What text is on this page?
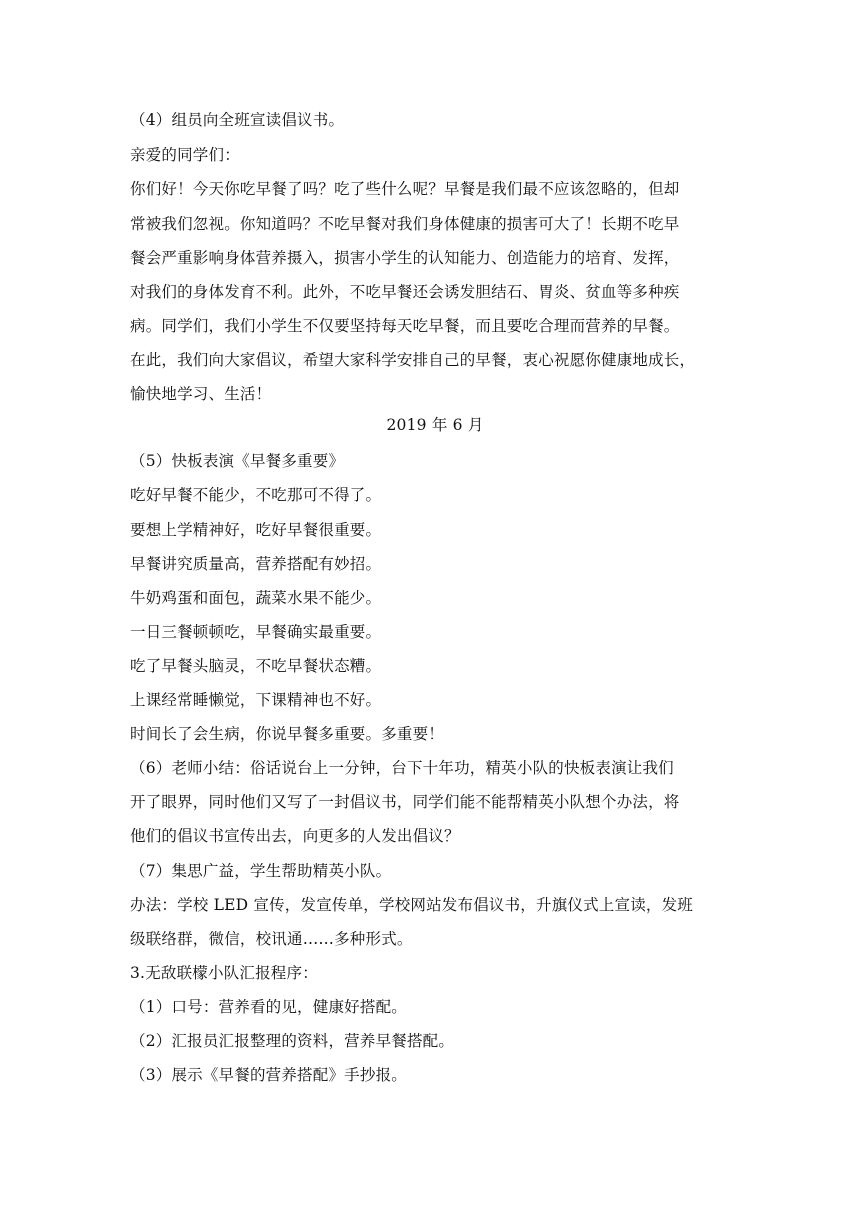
（4）组员向全班宣读倡议书。
亲爱的同学们：
你们好！今天你吃早餐了吗？吃了些什么呢？早餐是我们最不应该忽略的，但却
常被我们忽视。你知道吗？不吃早餐对我们身体健康的损害可大了！长期不吃早
餐会严重影响身体营养摄入，损害小学生的认知能力、创造能力的培育、发挥，
对我们的身体发育不利。此外，不吃早餐还会诱发胆结石、胃炎、贫血等多种疾
病。同学们，我们小学生不仅要坚持每天吃早餐，而且要吃合理而营养的早餐。
在此，我们向大家倡议，希望大家科学安排自己的早餐，衷心祝愿你健康地成长，
愉快地学习、生活！
2019 年 6 月
（5）快板表演《早餐多重要》
吃好早餐不能少，不吃那可不得了。
要想上学精神好，吃好早餐很重要。
早餐讲究质量高，营养搭配有妙招。
牛奶鸡蛋和面包，蔬菜水果不能少。
一日三餐顿顿吃，早餐确实最重要。
吃了早餐头脑灵，不吃早餐状态糟。
上课经常睡懒觉，下课精神也不好。
时间长了会生病，你说早餐多重要。多重要！
（6）老师小结：俗话说台上一分钟，台下十年功，精英小队的快板表演让我们
开了眼界，同时他们又写了一封倡议书，同学们能不能帮精英小队想个办法，将
他们的倡议书宣传出去，向更多的人发出倡议？
（7）集思广益，学生帮助精英小队。
办法：学校 LED 宣传，发宣传单，学校网站发布倡议书，升旗仪式上宣读，发班
级联络群，微信，校讯通……多种形式。
3.无敌联檬小队汇报程序：
（1）口号：营养看的见，健康好搭配。
（2）汇报员汇报整理的资料，营养早餐搭配。
（3）展示《早餐的营养搭配》手抄报。
